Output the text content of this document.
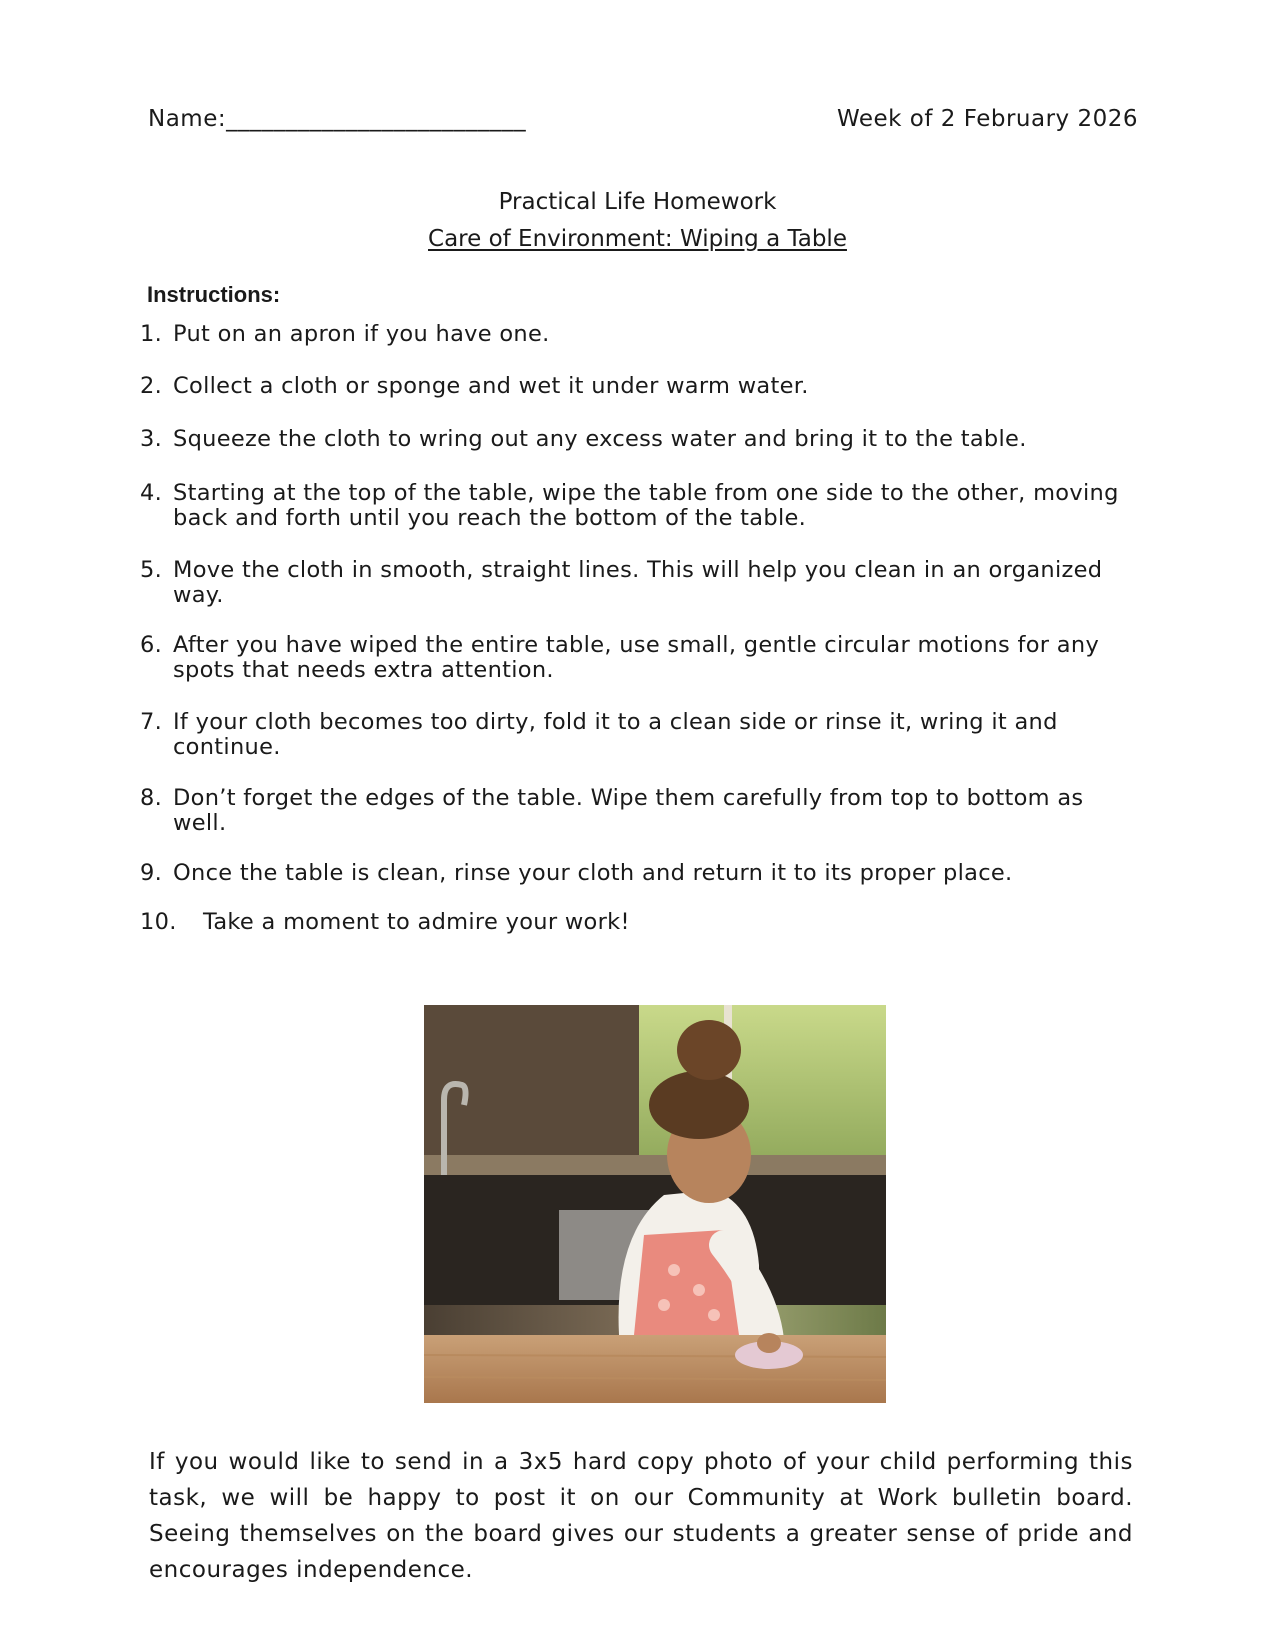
Name:_________________________	Week of 2 February 2026
Practical Life Homework
Care of Environment: Wiping a Table
Instructions:
1. Put on an apron if you have one.
2. Collect a cloth or sponge and wet it under warm water.
3. Squeeze the cloth to wring out any excess water and bring it to the table.
4. Starting at the top of the table, wipe the table from one side to the other, moving back and forth until you reach the bottom of the table.
5. Move the cloth in smooth, straight lines. This will help you clean in an organized way.
6. After you have wiped the entire table, use small, gentle circular motions for any spots that needs extra attention.
7. If your cloth becomes too dirty, fold it to a clean side or rinse it, wring it and continue.
8. Don’t forget the edges of the table. Wipe them carefully from top to bottom as well.
9. Once the table is clean, rinse your cloth and return it to its proper place.
10.	Take a moment to admire your work!
If you would like to send in a 3x5 hard copy photo of your child performing this task, we will be happy to post it on our Community at Work bulletin board. Seeing themselves on the board gives our students a greater sense of pride and encourages independence.
